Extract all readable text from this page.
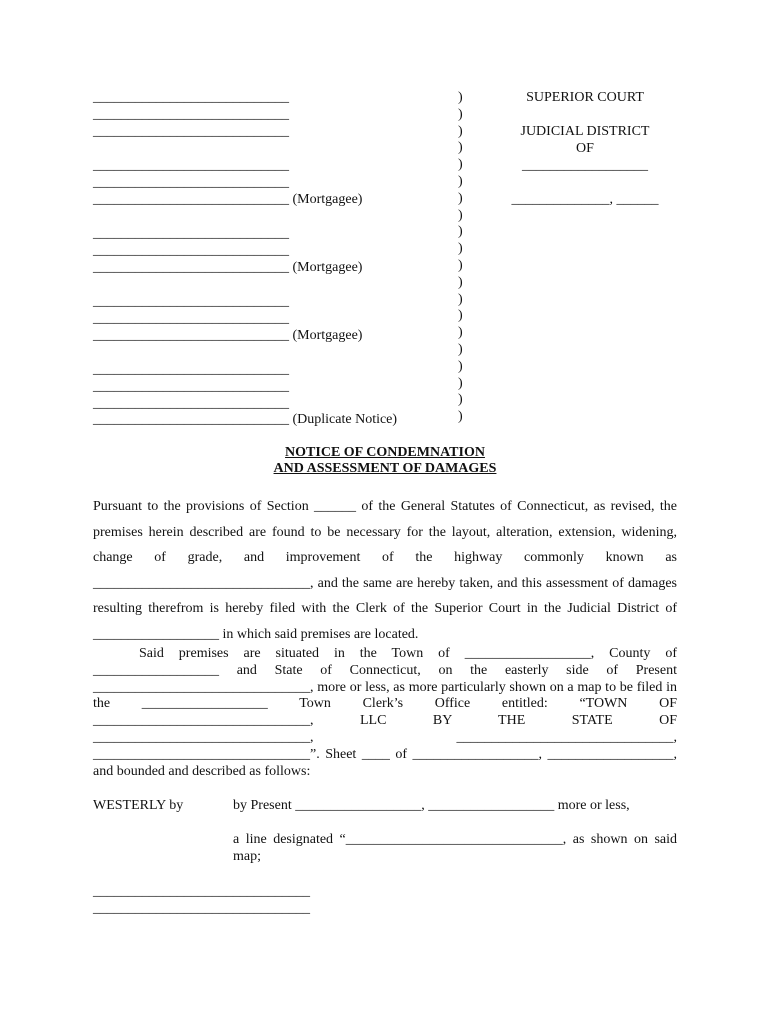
____________________________
____________________________
____________________________
____________________________
____________________________
____________________________ (Mortgagee)
____________________________
____________________________
____________________________ (Mortgagee)
____________________________
____________________________
____________________________ (Mortgagee)
____________________________
____________________________
____________________________
____________________________ (Duplicate Notice)
)
)
)
)
)
)
)
)
)
)
)
)
)
)
)
)
)
)
)
)
SUPERIOR COURT
JUDICIAL DISTRICT
OF
__________________
______________, ______
NOTICE OF CONDEMNATION
AND ASSESSMENT OF DAMAGES
Pursuant to the provisions of Section ______ of the General Statutes of Connecticut, as revised, the premises herein described are found to be necessary for the layout, alteration, extension, widening, change of grade, and improvement of the highway commonly known as _______________________________, and the same are hereby taken, and this assessment of damages resulting therefrom is hereby filed with the Clerk of the Superior Court in the Judicial District of __________________ in which said premises are located.
Said premises are situated in the Town of __________________, County of __________________ and State of Connecticut, on the easterly side of Present _______________________________, more or less, as more particularly shown on a map to be filed in the __________________ Town Clerk’s Office entitled: “TOWN OF _______________________________, LLC BY THE STATE OF _______________________________, _______________________________, _______________________________”. Sheet ____ of __________________, __________________, and bounded and described as follows:
WESTERLY by	by Present __________________, __________________ more or less,
a line designated “_______________________________, as shown on said map;
_______________________________
_______________________________
